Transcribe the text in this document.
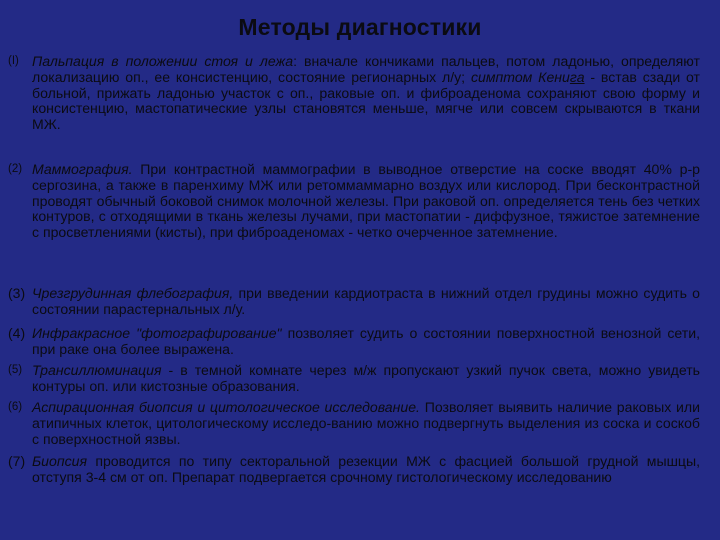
Методы диагностики
(I) Пальпация в положении стоя и лежа: вначале кончиками пальцев, потом ладонью, определяют локализацию оп., ее консистенцию, состояние регионарных л/у; симптом Кенига - встав сзади от больной, прижать ладонью участок с оп., раковые оп. и фиброаденома сохраняют свою форму и консистенцию, мастопатические узлы становятся меньше, мягче или совсем скрываются в ткани МЖ.
(2) Маммография. При контрастной маммографии в выводное отверстие на соске вводят 40% р-р сергозина, а также в паренхиму МЖ или ретоммаммарно воздух или кислород. При бесконтрастной проводят обычный боковой снимок молочной железы. При раковой оп. определяется тень без четких контуров, с отходящими в ткань железы лучами, при мастопатии - диффузное, тяжистое затемнение с просветлениями (кисты), при фиброаденомах - четко очерченное затемнение.
(3) Чрезгрудинная флебография, при введении кардиотраста в нижний отдел грудины можно судить о состоянии парастернальных л/у.
(4) Инфракрасное "фотографирование" позволяет судить о состоянии поверхностной венозной сети, при раке она более выражена.
(5) Трансиллюминация - в темной комнате через м/ж пропускают узкий пучок света, можно увидеть контуры оп. или кистозные образования.
(6) Аспирационная биопсия и цитологическое исследование. Позволяет выявить наличие раковых или атипичных клеток, цитологическому исследо-ванию можно подвергнуть выделения из соска и соскоб с поверхностной язвы.
(7) Биопсия проводится по типу секторальной резекции МЖ с фасцией большой грудной мышцы, отступя 3-4 см от оп. Препарат подвергается срочному гистологическому исследованию
